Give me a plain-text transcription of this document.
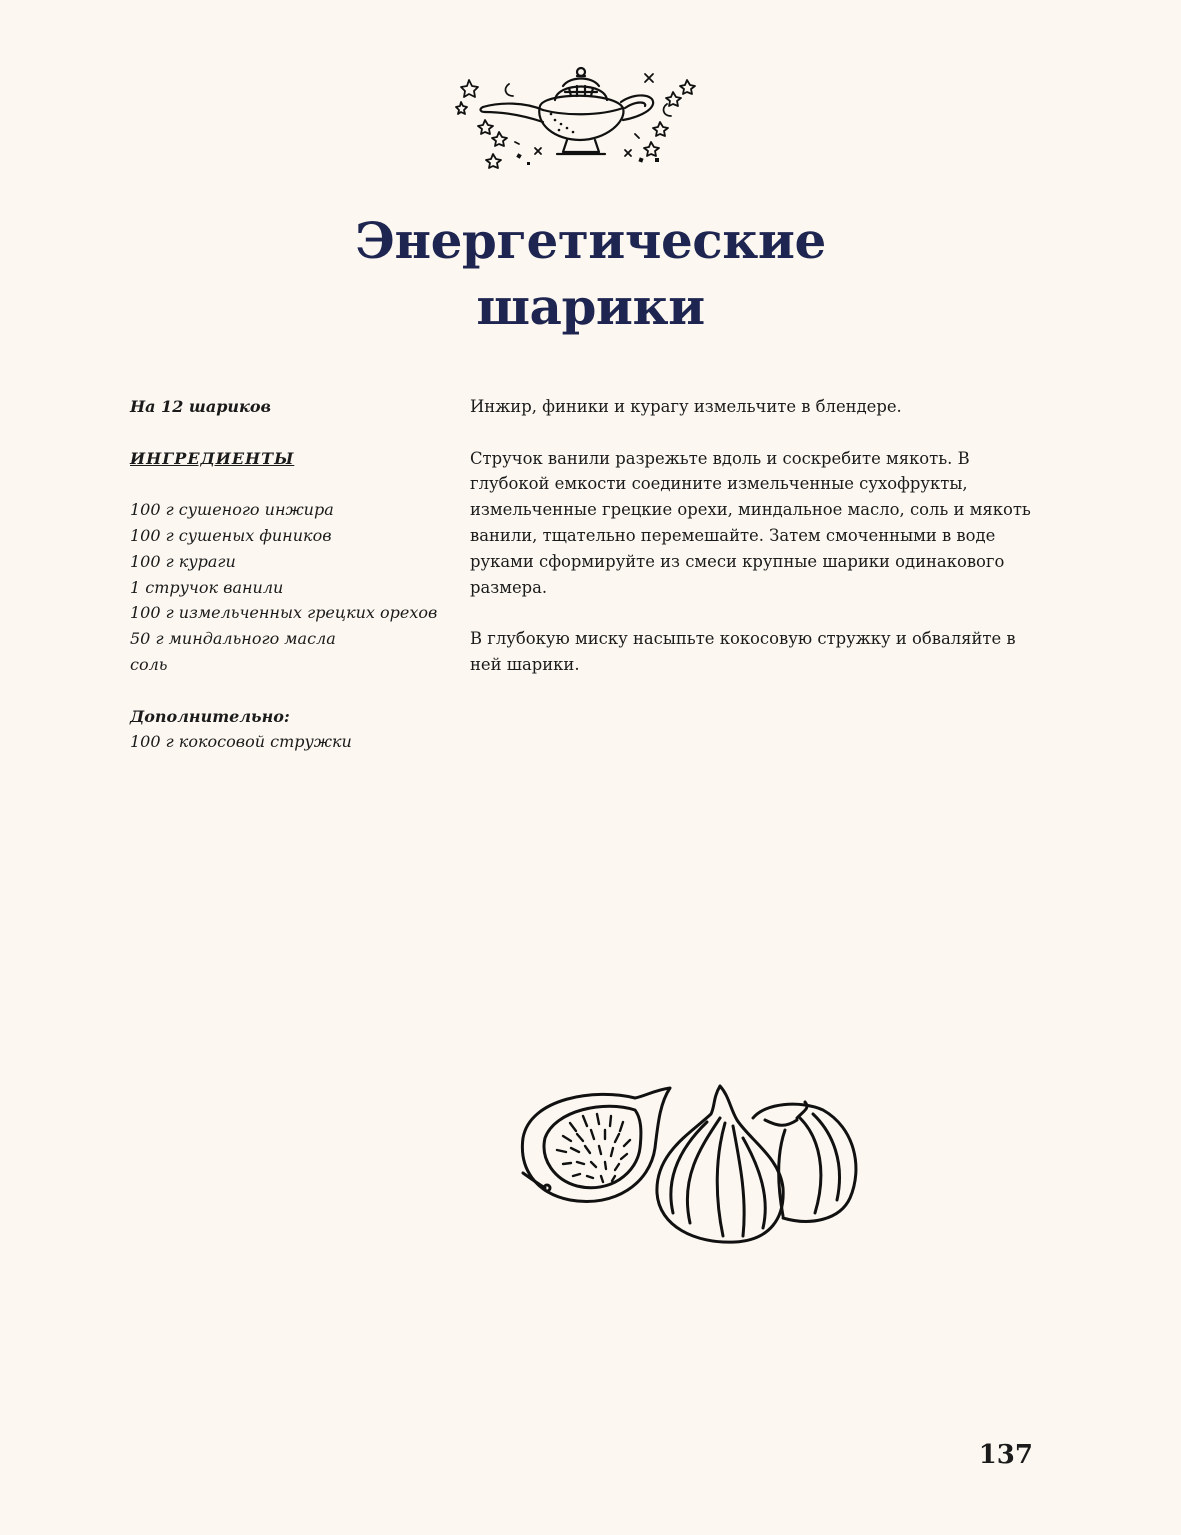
Энергетические
шарики
На 12 шариков
ИНГРЕДИЕНТЫ
100 г сушеного инжира
100 г сушеных фиников
100 г кураги
1 стручок ванили
100 г измельченных грецких орехов
50 г миндального масла
соль
Дополнительно:
100 г кокосовой стружки

Инжир, финики и курагу измельчите в блендере.

Стручок ванили разрежьте вдоль и соскребите мякоть. В глубокой емкости соедините измельченные сухофрукты, измельченные грецкие орехи, миндальное масло, соль и мякоть ванили, тщательно перемешайте. Затем смоченными в воде руками сформируйте из смеси крупные шарики одинакового размера.

В глубокую миску насыпьте кокосовую стружку и обваляйте в ней шарики.

137
